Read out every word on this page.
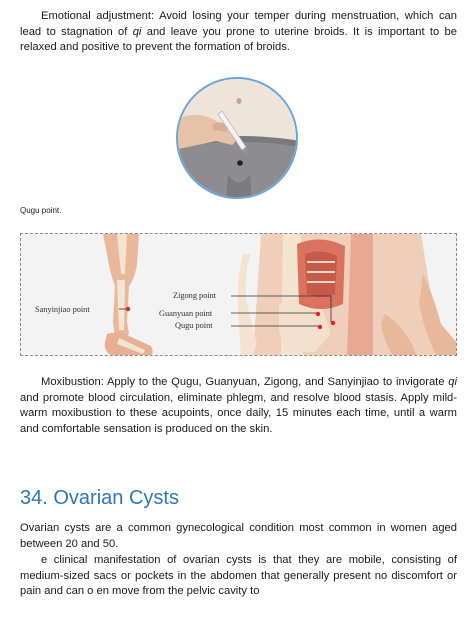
Emotional adjustment: Avoid losing your temper during menstruation, which can lead to stagnation of qi and leave you prone to uterine broids. It is important to be relaxed and positive to prevent the formation of broids.

Qugu point.
Sanyinjiao point
Zigong point
Guanyuan point
Qugu point

Moxibustion: Apply to the Qugu, Guanyuan, Zigong, and Sanyinjiao to invigorate qi and promote blood circulation, eliminate phlegm, and resolve blood stasis. Apply mild-warm moxibustion to these acupoints, once daily, 15 minutes each time, until a warm and comfortable sensation is produced on the skin.

34. Ovarian Cysts

Ovarian cysts are a common gynecological condition most common in women aged between 20 and 50.

e clinical manifestation of ovarian cysts is that they are mobile, consisting of medium-sized sacs or pockets in the abdomen that generally present no discomfort or pain and can o en move from the pelvic cavity to
